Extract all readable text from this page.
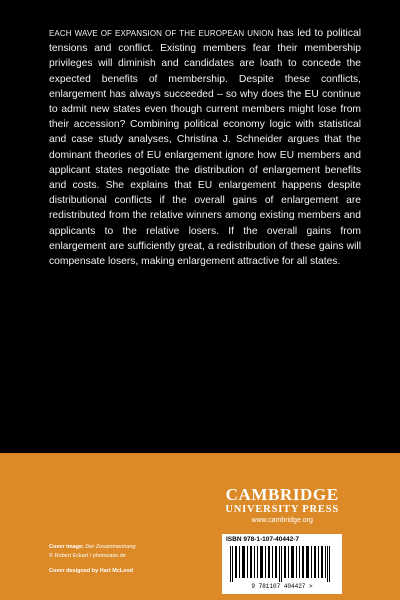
EACH WAVE OF EXPANSION OF THE EUROPEAN UNION has led to political tensions and conflict. Existing members fear their membership privileges will diminish and candidates are loath to concede the expected benefits of membership. Despite these conflicts, enlargement has always succeeded – so why does the EU continue to admit new states even though current members might lose from their accession? Combining political economy logic with statistical and case study analyses, Christina J. Schneider argues that the dominant theories of EU enlargement ignore how EU members and applicant states negotiate the distribution of enlargement benefits and costs. She explains that EU enlargement happens despite distributional conflicts if the overall gains of enlargement are redistributed from the relative winners among existing members and applicants to the relative losers. If the overall gains from enlargement are sufficiently great, a redistribution of these gains will compensate losers, making enlargement attractive for all states.

CAMBRIDGE
UNIVERSITY PRESS
www.cambridge.org
Cover image: Der Zusammenhang
© Robert Eckart / photocase.de
Cover designed by Hart McLeod
ISBN 978-1-107-40442-7
9 781107 404427 >
